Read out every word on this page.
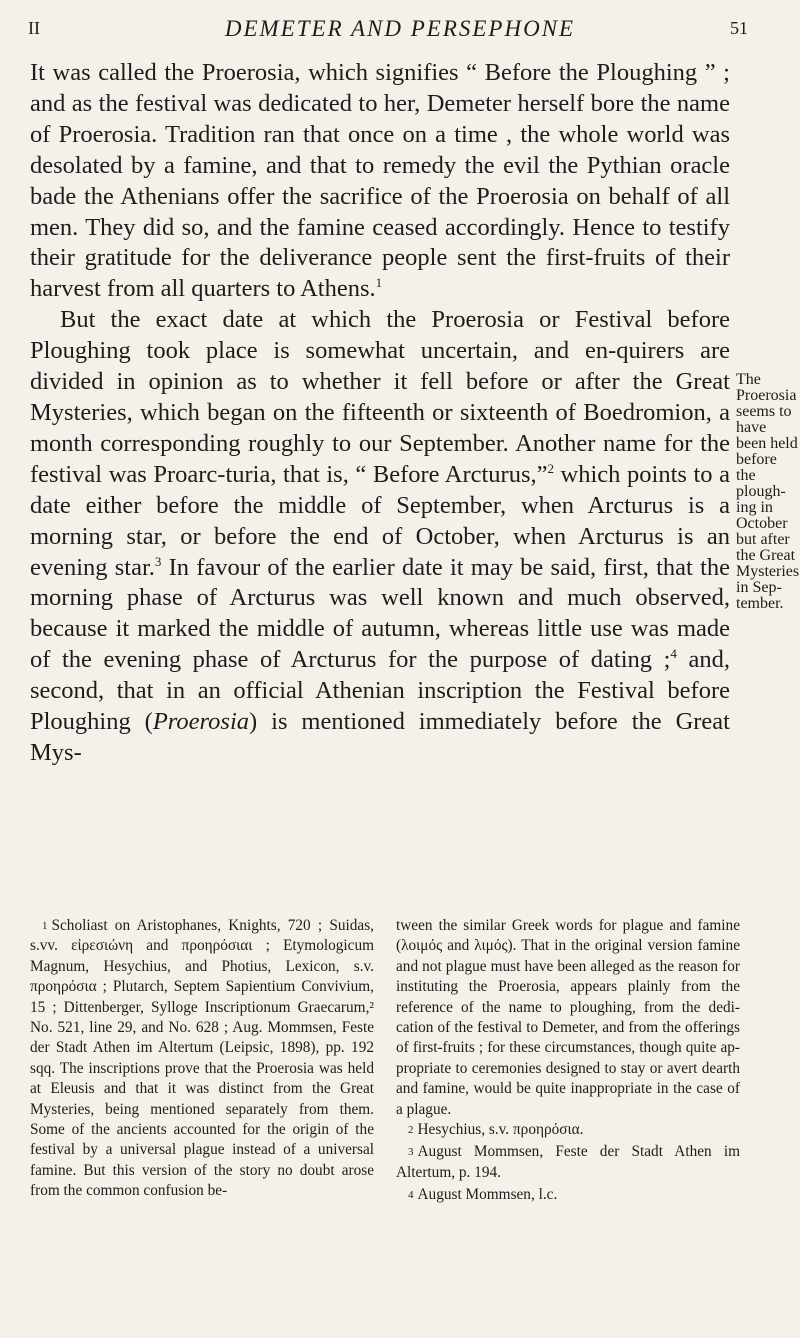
II	DEMETER AND PERSEPHONE	51

It was called the Proerosia, which signifies “ Before the Ploughing ” ; and as the festival was dedicated to her, Demeter herself bore the name of Proerosia. Tradition ran that once on a time , the whole world was desolated by a famine, and that to remedy the evil the Pythian oracle bade the Athenians offer the sacrifice of the Proerosia on behalf of all men. They did so, and the famine ceased accordingly. Hence to testify their gratitude for the deliverance people sent the first-fruits of their harvest from all quarters to Athens.$^1$

But the exact date at which the Proerosia or Festival before Ploughing took place is somewhat uncertain, and en-quirers are divided in opinion as to whether it fell before or after the Great Mysteries, which began on the fifteenth or sixteenth of Boedromion, a month corresponding roughly to our September. Another name for the festival was Proarc-turia, that is, “ Before Arcturus,”$^2$ which points to a date either before the middle of September, when Arcturus is a morning star, or before the end of October, when Arcturus is an evening star.$^3$ In favour of the earlier date it may be said, first, that the morning phase of Arcturus was well known and much observed, because it marked the middle of autumn, whereas little use was made of the evening phase of Arcturus for the purpose of dating ;$^4$ and, second, that in an official Athenian inscription the Festival before Ploughing (Proerosia) is mentioned immediately before the Great Mys-

The Proerosia seems to have been held before the plough-ing in October but after the Great Mysteries in Sep-tember.

$^1$ Scholiast on Aristophanes, Knights, 720 ; Suidas, s.vv. εἰρεσιώνη and προηρόσιαι ; Etymologicum Magnum, Hesychius, and Photius, Lexicon, s.v. προηρόσια ; Plutarch, Septem Sapientium Convivium, 15 ; Dittenberger, Sylloge Inscriptionum Graecarum,² No. 521, line 29, and No. 628 ; Aug. Mommsen, Feste der Stadt Athen im Altertum (Leipsic, 1898), pp. 192 sqq. The inscriptions prove that the Proerosia was held at Eleusis and that it was distinct from the Great Mysteries, being mentioned separately from them. Some of the ancients accounted for the origin of the festival by a universal plague instead of a universal famine. But this version of the story no doubt arose from the common confusion be-

tween the similar Greek words for plague and famine (λοιμός and λιμός). That in the original version famine and not plague must have been alleged as the reason for instituting the Proerosia, appears plainly from the reference of the name to ploughing, from the dedi-cation of the festival to Demeter, and from the offerings of first-fruits ; for these circumstances, though quite ap-propriate to ceremonies designed to stay or avert dearth and famine, would be quite inappropriate in the case of a plague.

$^2$ Hesychius, s.v. προηρόσια.

$^3$ August Mommsen, Feste der Stadt Athen im Altertum, p. 194.

$^4$ August Mommsen, l.c.
